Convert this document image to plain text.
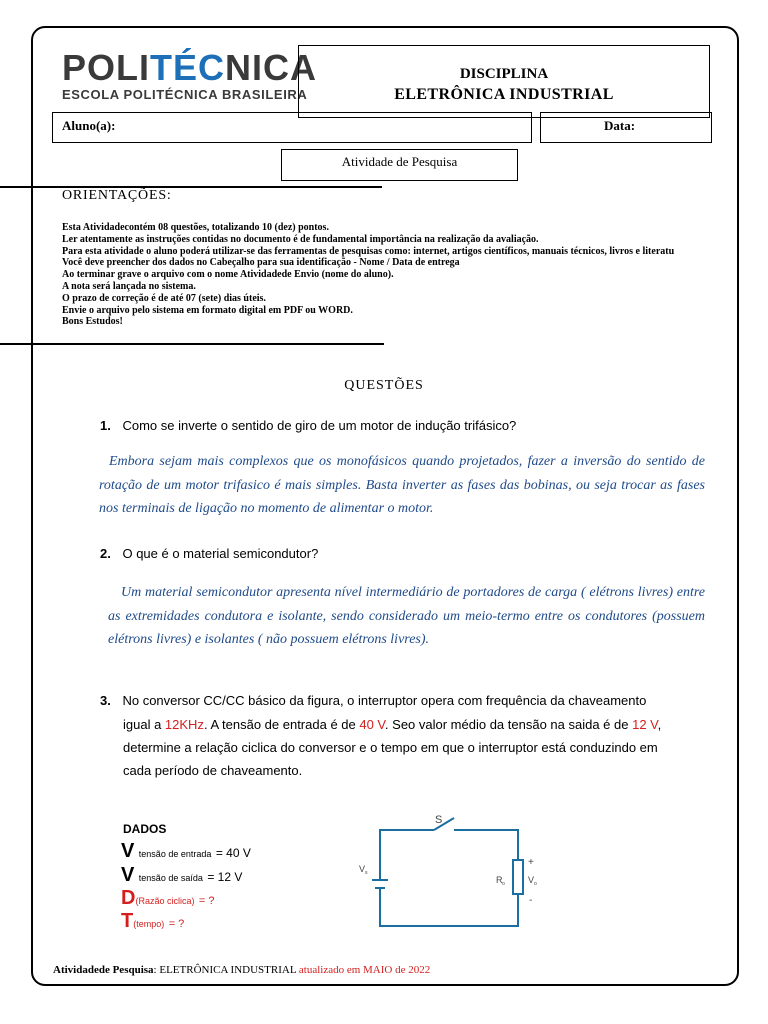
POLITÉCNICA
ESCOLA POLITÉCNICA BRASILEIRA
DISCIPLINA
ELETRÔNICA INDUSTRIAL
Aluno(a):	Data:
Atividade de Pesquisa
ORIENTAÇÕES:
Esta Atividadecontém 08 questões, totalizando 10 (dez) pontos.
Ler atentamente as instruções contidas no documento é de fundamental importância na realização da avaliação.
Para esta atividade o aluno poderá utilizar-se das ferramentas de pesquisas como: internet, artigos científicos, manuais técnicos, livros e literatu
Você deve preencher dos dados no Cabeçalho para sua identificação - Nome / Data de entrega
Ao terminar grave o arquivo com o nome Atividadede Envio (nome do aluno).
A nota será lançada no sistema.
O prazo de correção é de até 07 (sete) dias úteis.
Envie o arquivo pelo sistema em formato digital em PDF ou WORD.
Bons Estudos!
QUESTÕES
1. Como se inverte o sentido de giro de um motor de indução trifásico?
Embora sejam mais complexos que os monofásicos quando projetados, fazer a inversão do sentido de rotação de um motor trifasico é mais simples. Basta inverter as fases das bobinas, ou seja trocar as fases nos terminais de ligação no momento de alimentar o motor.
2. O que é o material semicondutor?
Um material semicondutor apresenta nível intermediário de portadores de carga ( elétrons livres) entre as extremidades condutora e isolante, sendo considerado um meio-termo entre os condutores (possuem elétrons livres) e isolantes ( não possuem elétrons livres).
3. No conversor CC/CC básico da figura, o interruptor opera com frequência da chaveamento
igual a 12KHz. A tensão de entrada é de 40 V. Seo valor médio da tensão na saida é de 12 V,
determine a relação ciclica do conversor e o tempo em que o interruptor está conduzindo em
cada período de chaveamento.
DADOS
V tensão de entrada = 40 V
V tensão de saída = 12 V
D(Razão ciclica) = ?
T(tempo) = ?
S
V s
R o
+
V o
-
Atividadede Pesquisa: ELETRÔNICA INDUSTRIAL atualizado em MAIO de 2022
